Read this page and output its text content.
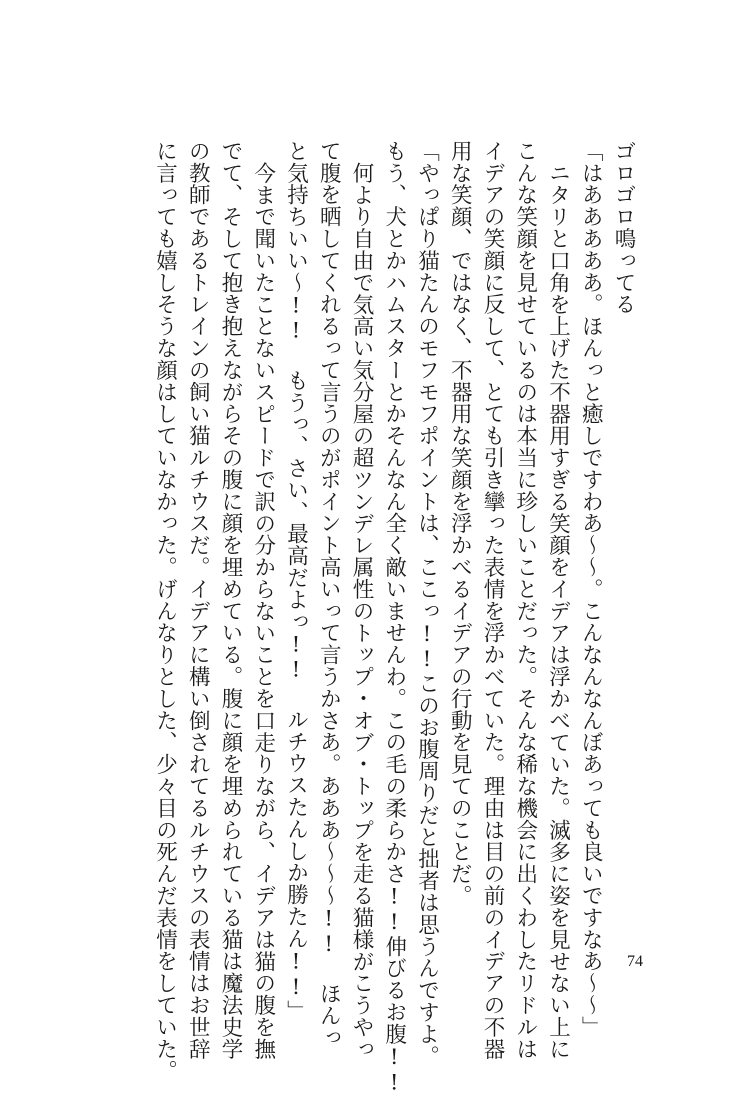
ゴロゴロ鳴ってる
「はあああああ。ほんっと癒しですわあ〜〜。こんなんなんぼあっても良いですなあ〜〜」
ニタリと口角を上げた不器用すぎる笑顔をイデアは浮かべていた。滅多に姿を見せない上に
こんな笑顔を見せているのは本当に珍しいことだった。そんな稀な機会に出くわしたリドルは
イデアの笑顔に反して、とても引き攣った表情を浮かべていた。理由は目の前のイデアの不器
用な笑顔、ではなく、不器用な笑顔を浮かべるイデアの行動を見てのことだ。
「やっぱり猫たんのモフモフポイントは、ここっ!!このお腹周りだと拙者は思うんですよ。
もう、犬とかハムスターとかそんなん全く敵いませんわ。この毛の柔らかさ!!伸びるお腹!!
何より自由で気高い気分屋の超ツンデレ属性のトップ・オブ・トップを走る猫様がこうやっ
て腹を晒してくれるって言うのがポイント高いって言うかさあ。あああ〜〜〜!! ほんっ
と気持ちいい〜!! もうっ、さい、最高だよっ!! ルチウスたんしか勝たん!!」
今まで聞いたことないスピードで訳の分からないことを口走りながら、イデアは猫の腹を撫
でて、そして抱き抱えながらその腹に顔を埋めている。腹に顔を埋められている猫は魔法史学
の教師であるトレインの飼い猫ルチウスだ。イデアに構い倒されてるルチウスの表情はお世辞
に言っても嬉しそうな顔はしていなかった。げんなりとした、少々目の死んだ表情をしていた。	74
